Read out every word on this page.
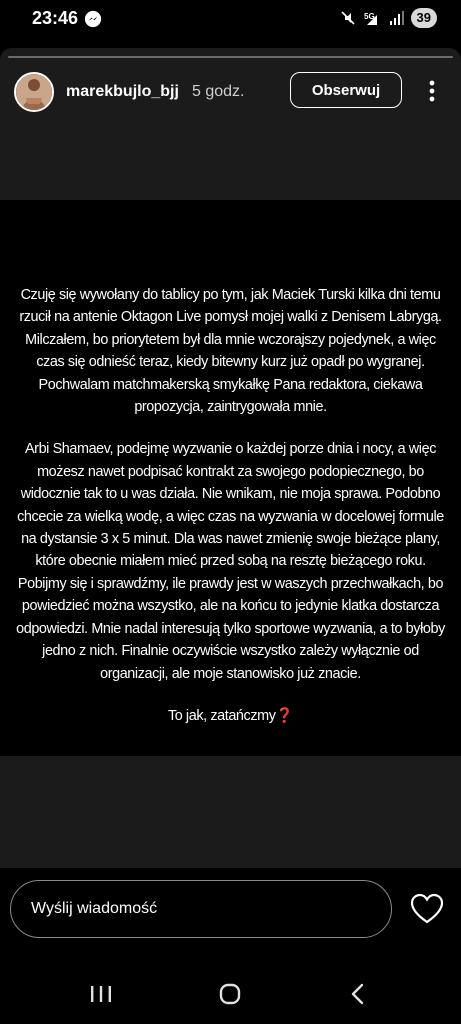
23:46	5G	39
marekbujlo_bjj 5 godz.	Obserwuj

Czuję się wywołany do tablicy po tym, jak Maciek Turski kilka dni temu rzucił na antenie Oktagon Live pomysł mojej walki z Denisem Labrygą. Milczałem, bo priorytetem był dla mnie wczorajszy pojedynek, a więc czas się odnieść teraz, kiedy bitewny kurz już opadł po wygranej. Pochwalam matchmakerską smykałkę Pana redaktora, ciekawa propozycja, zaintrygowała mnie.

Arbi Shamaev, podejmę wyzwanie o każdej porze dnia i nocy, a więc możesz nawet podpisać kontrakt za swojego podopiecznego, bo widocznie tak to u was działa. Nie wnikam, nie moja sprawa. Podobno chcecie za wielką wodę, a więc czas na wyzwania w docelowej formule na dystansie 3 x 5 minut. Dla was nawet zmienię swoje bieżące plany, które obecnie miałem mieć przed sobą na resztę bieżącego roku. Pobijmy się i sprawdźmy, ile prawdy jest w waszych przechwałkach, bo powiedzieć można wszystko, ale na końcu to jedynie klatka dostarcza odpowiedzi. Mnie nadal interesują tylko sportowe wyzwania, a to byłoby jedno z nich. Finalnie oczywiście wszystko zależy wyłącznie od organizacji, ale moje stanowisko już znacie.

To jak, zatańczmy❓

Wyślij wiadomość
